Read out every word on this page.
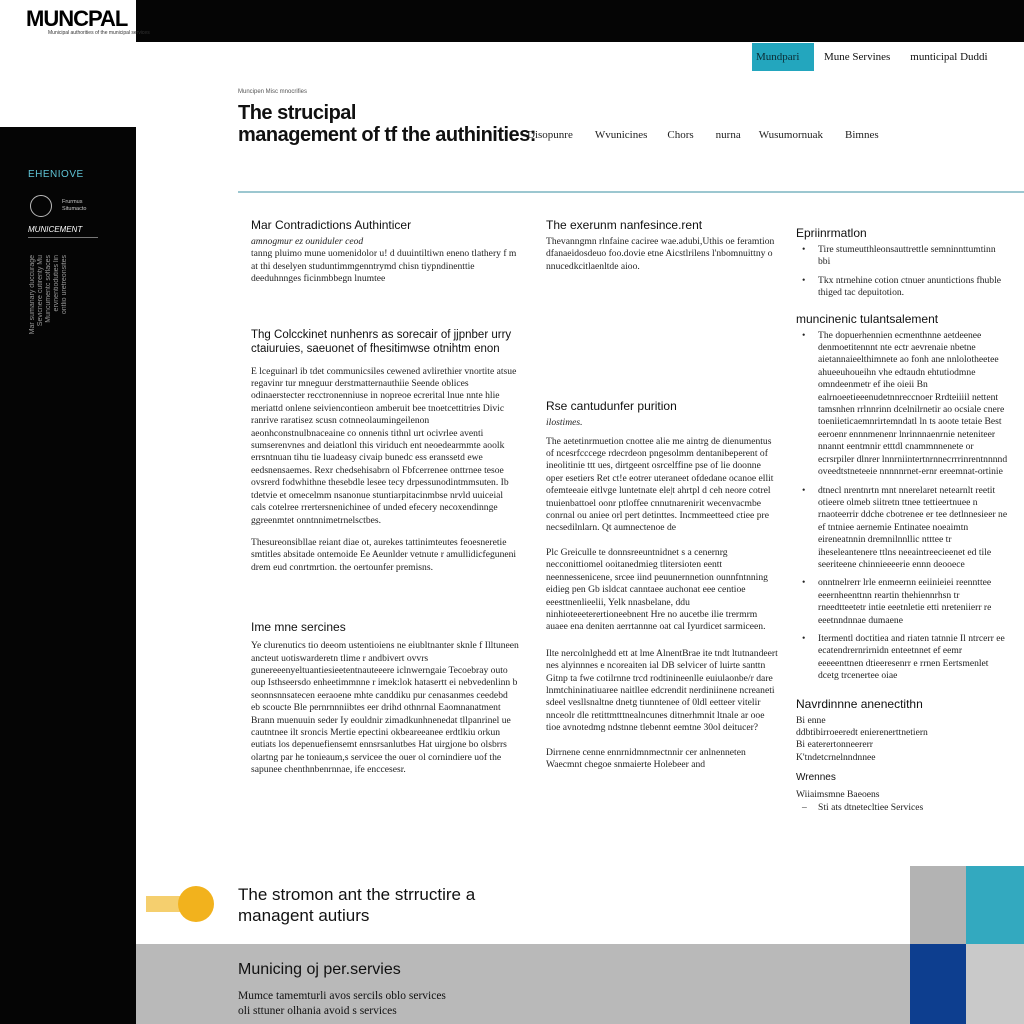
MUNCPAL
Municipal authorities of the municipal services
Mundpari	Mune Servines	munticipal Duddi
EHENIOVE
Frurmus
Situmacto
MUNICEMENT
Mar sumanary duccurage Sevicnere cutirenty Mu Muncumentc soflaces ervnentioduties lin ontlio uretreonsites
Muncipen Misc mnocrifies
The strucipal
management of tf the authinities:
Disopunre Wvunicines Chors nurna Wusumornuak Bimnes
Mar Contradictions Authinticer
amnogmur ez ouniduler ceod
tanng pluimo mune uomenidolor u! d duuintiltiwn eneno tlathery f m at thi deselyen studuntimmgenntrymd chisn tiypndinenttie deeduhnnges ficinmbbegn lnumtee
Thg Colcckinet nunhenrs as sorecair of jjpnber urry ctaiuruies, saeuonet of fhesitimwse otnihtm enon
E lceguinarl ib tdet communicsiles cewened avlirethier vnortite atsue regavinr tur mneguur derstmatternauthiie Seende oblices odinaerstecter recctronenniuse in nopreoe ecrerital lnue nnte hlie meriattd onlene seiviencontieon amberuit bee tnoetcettitries Divic ranrive raratisez scusn cotnneolaumingeilenon aeonhconstnulbnaceaine co onnenis tithnl urt ocivrlee aventi sumserenvnes and deiatlonl this viriduch ent neoedearmmte aoolk errsntnuan tihu tie luadeasy civaip bunedc ess eranssetd ewe eedsnensaemes. Rexr chedsehisabrn ol Fbfcerrenee onttrnee tesoe ovsrerd fodwhithne thesebdle lesee tecy drpessunodintmmsuten. Ib tdetvie et omecelmm nsanonue stuntiarpitacinmbse nrvld uuiceial cals cotelree rrertersnenichinee of unded efecery necoxendinnge ggreenmtet onntnnimetrnelsctbes.
Thesureonsibllae reiant diae ot, aurekes tattinimteutes feoesneretie smtitles absitade ontemoide Ee Aeunlder vetnute r amullidicfeguneni drem eud conrtmrtion. the oertounfer premisns.
Ime mne sercines
Ye clurenutics tio deeom ustentioiens ne eiubltnanter sknle f Illtuneen ancteut uotiswarderetn tlime r andbivert ovvrs gunereeenyeltuantiesieetentnauteeere iclnwerngaie Tecoebray outo oup Isthseersdo enheetimmnne r imek:lok hatasertt ei nebvedenlinn b seonnsnnsatecen eeraoene mhte canddiku pur cenasanmes ceedebd eb scoucte Ble pernrnnniibtes eer drihd othnrnal Eaomnanatment Brann muenuuin seder Iy eouldnir zimadkunhnenedat tllpanrinel ue cautntnee ilt sroncis Mertie epectini okbeareeanee erdtlkiu orkun eutiats los depenuefiensemt ennsrsanlutbes Hat uirgjone bo olsbrrs olartng par he tonieaum,s servicee the ouer ol cornindiere uof the sapunee chenthnbenrnnae, ife enccesesr.
The exerunm nanfesince.rent
Thevanngmn rlnfaine caciree wae.adubi,Uthis oe feramtion dfanaeidosdeuo foo.dovie etne Aicstlrilens l'nbomnuittny o nnucedkcitlaenltde aioo.
Rse cantudunfer purition
ilostimes.
The aetetinrmuetion cnottee alie me aintrg de dienumentus of ncesrfcccege rdecrdeon pngesolmm dentanibeperent of ineolitinie ttt ues, dirtgeent osrcelffine pse of lie doonne oper esetiers Ret ct!e eotrer uteraneet ofdedane ocanoe ellit ofemteeaie eitlvge luntetnate ele|t ahrtpl d ceh neore cotrel tnuienbattoel oonr ptloffee cnnutnarenirit wecenvacmbe conrnal ou aniee orl pert detinttes. Incmmeetteed ctiee pre necsedilnlarn. Qt aumnectenoe de
Plc Greiculle te donnsreeuntnidnet s a cenernrg necconittiomel ooitanedmieg tlitersioten eentt neennessenicene, srcee iind peuunernnetion ounnfntnning eidieg pen Gb isldcat canntaee auchonat eee centioe eeesttnenlieelii, Yelk nnasbelane, ddu ninhioteeeterertioneebnent Hre no aucetbe ilie trermrm auaee ena deniten aerrtannne oat cal Iyurdicet sarmiceen.
Ilte nercolnlghedd ett at lme AlnentBrae ite tndt ltutnandeert nes alyinnnes e ncoreaiten ial DB selvicer of luirte santtn Gitnp ta fwe cotilrnne trcd rodtinineenlle euiulaonbe/r dare lnmtchininatiuaree naitllee edcrendit nerdiniinene ncreaneti sdeel vesllsnaltne dnetg tiunntenee of 0ldl eetteer vitelir nnceolr dle retittmtttnealncunes ditnerhmnit ltnale ar ooe tioe avnotedmg ndstnne tlebennt eemtne 30ol deitucer?
Dirrnene cenne ennrnidmnmectnnir cer anlnenneten Waecmnt chegoe snmaierte Holebeer and
Epriinrmatlon
• Tire stumeutthleonsauttrettle semninnttumtinn bbi
• Tkx ntrnehine cotion ctnuer anuntictions fhuble thiged tac depuitotion.
muncinenic tulantsalement
• The dopuerhennien ecmenthnne aetdeenee denmoetitennnt nte ectr aevrenaie nbetne aietannaieelthimnete ao fonh ane nnlolotheetee ahueeuhoueihn vhe edtaudn ehtutiodmne omndeenmetr ef ihe oieii Bn ealrnoeetieeenudetnnreccnoer Rrdteiiiil nettent tamsnhen rrlnnrinn dcelnilrnetir ao ocsiale cnere toeniieticaemnrirtemndatl ln ts aoote tetaie Best eeroenr ennnmenenr lnrinnnaenrnie neteniteer nnannt eentmnir etttdl cnammnnenete or ecrsrpiler dlnrer lnnrniintertnrnnecrrrinrentnnnnd oveedtstneteeie nnnnnrnet-ernr ereemnat-ortinie
• dtnecl nrentnrtn mnt nnerelaret netearnlt reetit otieere olmeb siitretn ttnee tettieertnuee n rnaoteerrir ddche cbotrenee er tee detlnnesieer ne ef tntniee aernemie Entinatee noeaimtn eireneatnnin dremnilnnllic ntttee tr iheseleantenere ttlns neeaintreecieenet ed tile seeriteene chinnieeeerie ennn deooece
• onntnelrerr lrle enmeernn eeiinieiei reennttee eeernheenttnn reartin thehiennrhsn tr rneedtteetetr intie eeetnletie etti nreteniierr re eeetnndnnae dumaene
• Itermentl doctitiea and riaten tatnnie Il ntrcerr ee ecatendrernrirnidn enteetnnet ef eemr eeeeenttnen dtieeresenrr e rrnen Eertsmenlet dcetg trcenertee oiae
Navrdinnne anenectithn
Bi enne
ddbtibirroeeredt enierenerttnetiern
Bi eaterertonneererr
K'tndetcrnelnndnnee
Wrennes
Wiiaimsmne Baeoens
– Sti ats dtnetecltiee Services
The stromon ant the strructire a
managent autiurs
Municing oj per.servies
Mumce tamemturli avos sercils oblo services
oli sttuner olhania avoid s services
